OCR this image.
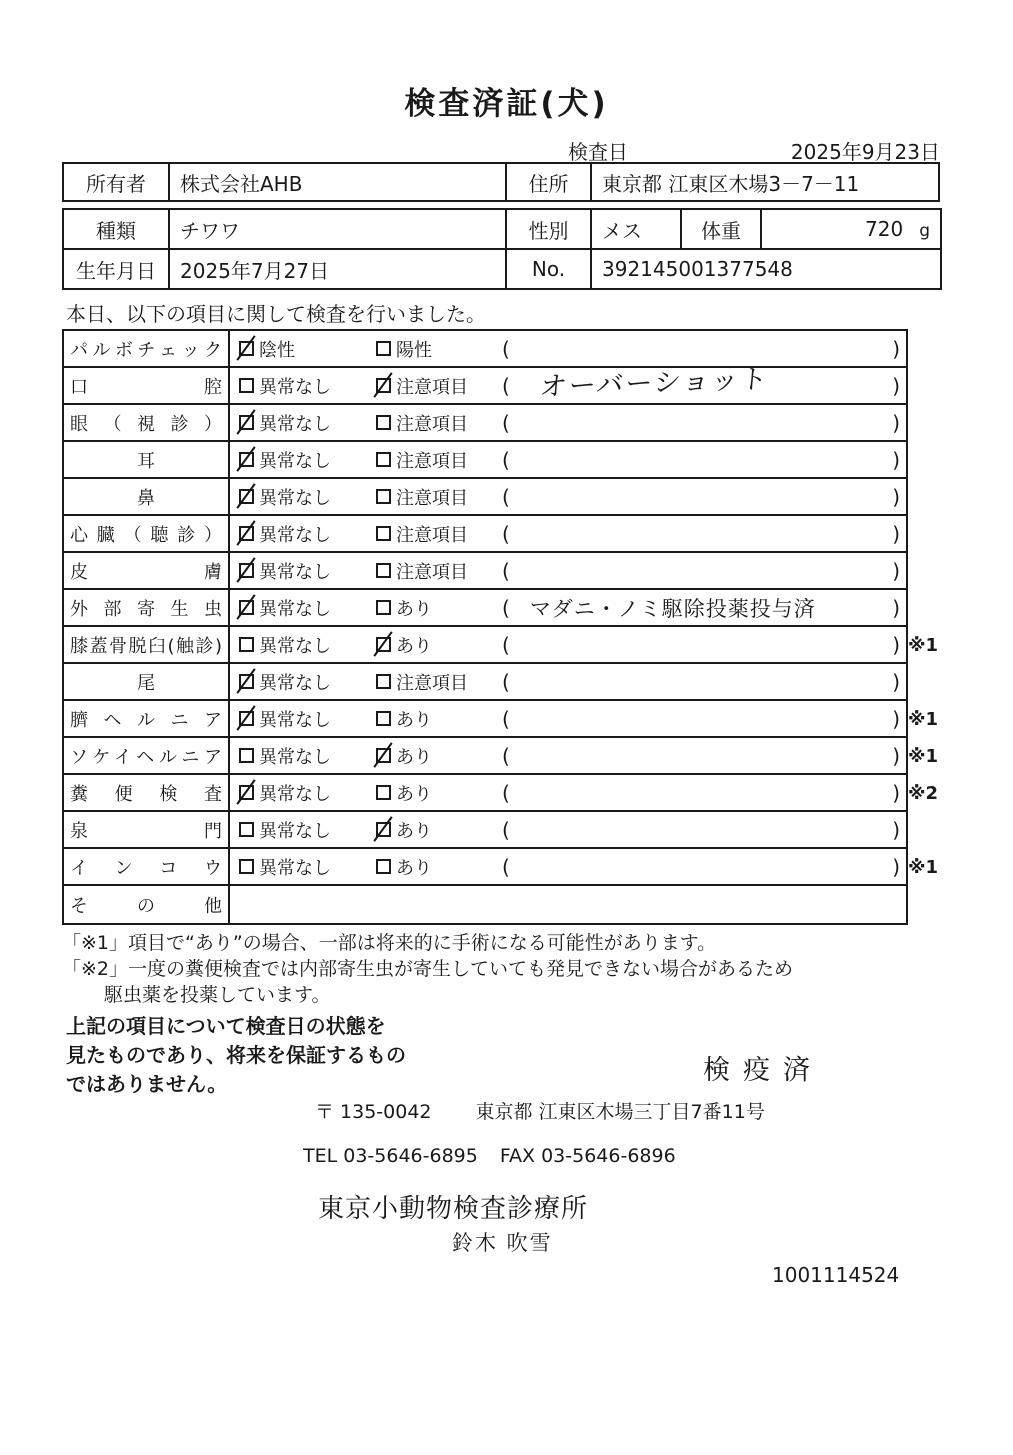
検査済証(犬)
検査日	2025年9月23日
所有者	株式会社AHB	住所	東京都 江東区木場3－7－11
種類	チワワ	性別	メス	体重	720 g
生年月日	2025年7月27日	No.	392145001377548		
本日、以下の項目に関して検査を行いました。
パルボチェック 陰性	陽性	(	)
口腔 異常なし	注意項目 (	オーバーショット	)
眼（視診） 異常なし	注意項目 (	)
耳	異常なし	注意項目 (	)
鼻	異常なし	注意項目 (	)
心臓（聴診） 異常なし	注意項目 (	)
皮膚 異常なし	注意項目 (	)
外部寄生虫 異常なし	あり	( マダニ・ノミ駆除投薬投与済	)
膝蓋骨脱臼(触診) 異常なし	あり	(	) ※1
尾	異常なし	注意項目 (	)
臍ヘルニア 異常なし	あり	(	) ※1
ソケイヘルニア 異常なし	あり	(	) ※1
糞便検査 異常なし	あり	(	) ※2
泉門 異常なし	あり	(	)
インコウ 異常なし	あり	(	) ※1
その他
「※1」項目で“あり”の場合、一部は将来的に手術になる可能性があります。
「※2」一度の糞便検査では内部寄生虫が寄生していても発見できない場合があるため
駆虫薬を投薬しています。
上記の項目について検査日の状態を
見たものであり、将来を保証するもの
ではありません。	検疫済
〒 135-0042 東京都 江東区木場三丁目7番11号
TEL 03-5646-6895 FAX 03-5646-6896
東京小動物検査診療所
鈴木 吹雪
1001114524
